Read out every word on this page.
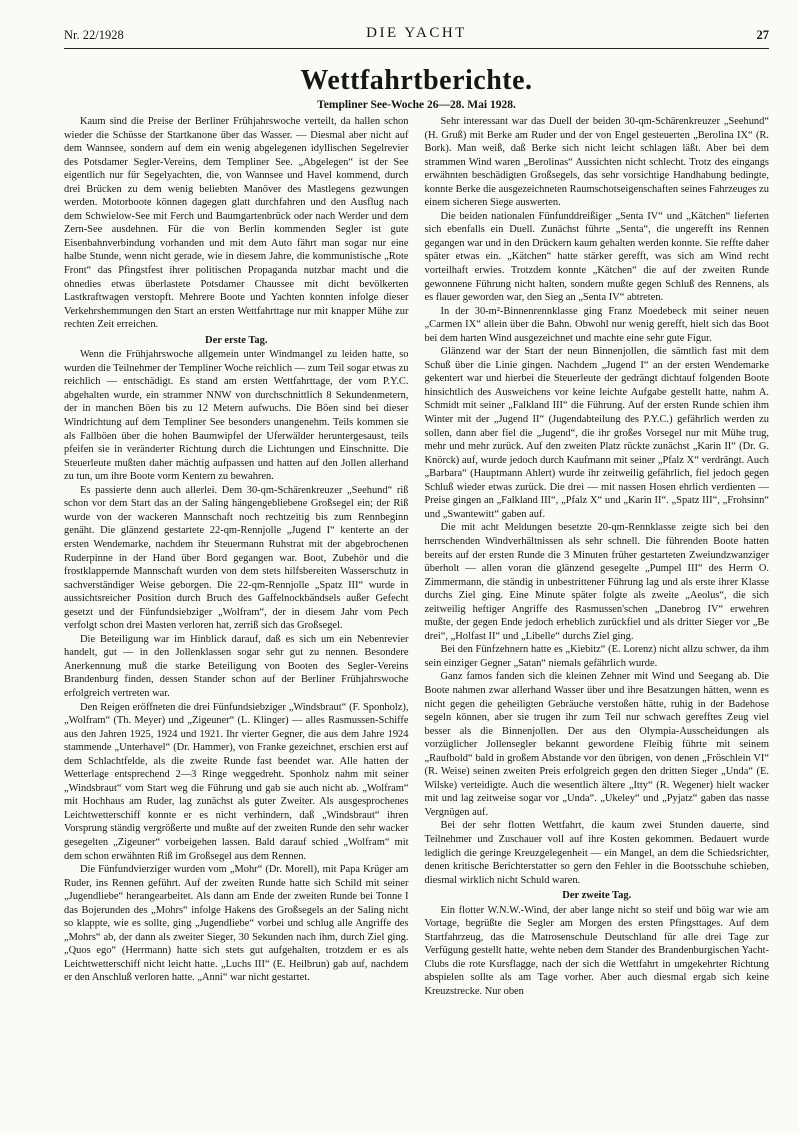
Nr. 22/1928	DIE YACHT	27
Wettfahrtberichte.
Templiner See-Woche 26—28. Mai 1928.

Kaum sind die Preise der Berliner Frühjahrswoche verteilt, da hallen schon wieder die Schüsse der Startkanone über das Wasser. — Diesmal aber nicht auf dem Wannsee, sondern auf dem ein wenig abgelegenen idyllischen Segelrevier des Potsdamer Segler-Vereins, dem Templiner See. „Abgelegen“ ist der See eigentlich nur für Segelyachten, die, von Wannsee und Havel kommend, durch drei Brücken zu dem wenig beliebten Manöver des Mastlegens gezwungen werden. Motorboote können dagegen glatt durchfahren und den Ausflug nach dem Schwielow-See mit Ferch und Baumgartenbrück oder nach Werder und dem Zern-See ausdehnen. Für die von Berlin kommenden Segler ist gute Eisenbahnverbindung vorhanden und mit dem Auto fährt man sogar nur eine halbe Stunde, wenn nicht gerade, wie in diesem Jahre, die kommunistische „Rote Front“ das Pfingstfest ihrer politischen Propaganda nutzbar macht und die ohnedies etwas überlastete Potsdamer Chaussee mit dicht bevölkerten Lastkraftwagen verstopft. Mehrere Boote und Yachten konnten infolge dieser Verkehrshemmungen den Start an ersten Wettfahrttage nur mit knapper Mühe zur rechten Zeit erreichen.

Der erste Tag.

Wenn die Frühjahrswoche allgemein unter Windmangel zu leiden hatte, so wurden die Teilnehmer der Templiner Woche reichlich — zum Teil sogar etwas zu reichlich — entschädigt. Es stand am ersten Wettfahrttage, der vom P.Y.C. abgehalten wurde, ein strammer NNW von durchschnittlich 8 Sekundenmetern, der in manchen Böen bis zu 12 Metern aufwuchs. Die Böen sind bei dieser Windrichtung auf dem Templiner See besonders unangenehm. Teils kommen sie als Fallböen über die hohen Baumwipfel der Uferwälder heruntergesaust, teils pfeifen sie in veränderter Richtung durch die Lichtungen und Einschnitte. Die Steuerleute mußten daher mächtig aufpassen und hatten auf den Jollen allerhand zu tun, um ihre Boote vorm Kentern zu bewahren.

Es passierte denn auch allerlei. Dem 30-qm-Schärenkreuzer „Seehund“ riß schon vor dem Start das an der Saling hängengebliebene Großsegel ein; der Riß wurde von der wackeren Mannschaft noch rechtzeitig bis zum Rennbeginn genäht. Die glänzend gestartete 22-qm-Rennjolle „Jugend I“ kenterte an der ersten Wendemarke, nachdem ihr Steuermann Ruhstrat mit der abgebrochenen Ruderpinne in der Hand über Bord gegangen war. Boot, Zubehör und die frostklappernde Mannschaft wurden von dem stets hilfsbereiten Wasserschutz in sachverständiger Weise geborgen. Die 22-qm-Rennjolle „Spatz III“ wurde in aussichtsreicher Position durch Bruch des Gaffelnockbändsels außer Gefecht gesetzt und der Fünfundsiebziger „Wolfram“, der in diesem Jahr vom Pech verfolgt schon drei Masten verloren hat, zerriß sich das Großsegel.

Die Beteiligung war im Hinblick darauf, daß es sich um ein Nebenrevier handelt, gut — in den Jollenklassen sogar sehr gut zu nennen. Besondere Anerkennung muß die starke Beteiligung von Booten des Segler-Vereins Brandenburg finden, dessen Stander schon auf der Berliner Frühjahrswoche erfolgreich vertreten war.

Den Reigen eröffneten die drei Fünfundsiebziger „Windsbraut“ (F. Sponholz), „Wolfram“ (Th. Meyer) und „Zigeuner“ (L. Klinger) — alles Rasmussen-Schiffe aus den Jahren 1925, 1924 und 1921. Ihr vierter Gegner, die aus dem Jahre 1924 stammende „Unterhavel“ (Dr. Hammer), von Franke gezeichnet, erschien erst auf dem Schlachtfelde, als die zweite Runde fast beendet war. Alle hatten der Wetterlage entsprechend 2—3 Ringe weggedreht. Sponholz nahm mit seiner „Windsbraut“ vom Start weg die Führung und gab sie auch nicht ab. „Wolfram“ mit Hochhaus am Ruder, lag zunächst als guter Zweiter. Als ausgesprochenes Leichtwetterschiff konnte er es nicht verhindern, daß „Windsbraut“ ihren Vorsprung ständig vergrößerte und mußte auf der zweiten Runde den sehr wacker gesegelten „Zigeuner“ vorbeigehen lassen. Bald darauf schied „Wolfram“ mit dem schon erwähnten Riß im Großsegel aus dem Rennen.

Die Fünfundvierziger wurden vom „Mohr“ (Dr. Morell), mit Papa Krüger am Ruder, ins Rennen geführt. Auf der zweiten Runde hatte sich Schild mit seiner „Jugendliebe“ herangearbeitet. Als dann am Ende der zweiten Runde bei Tonne I das Bojerunden des „Mohrs“ infolge Hakens des Großsegels an der Saling nicht so klappte, wie es sollte, ging „Jugendliebe“ vorbei und schlug alle Angriffe des „Mohrs“ ab, der dann als zweiter Sieger, 30 Sekunden nach ihm, durch Ziel ging. „Quos ego“ (Herrmann) hatte sich stets gut aufgehalten, trotzdem er es als Leichtwetterschiff nicht leicht hatte. „Luchs III“ (E. Heilbrun) gab auf, nachdem er den Anschluß verloren hatte. „Anni“ war nicht gestartet.

Sehr interessant war das Duell der beiden 30-qm-Schärenkreuzer „Seehund“ (H. Gruß) mit Berke am Ruder und der von Engel gesteuerten „Berolina IX“ (R. Bork). Man weiß, daß Berke sich nicht leicht schlagen läßt. Aber bei dem strammen Wind waren „Berolinas“ Aussichten nicht schlecht. Trotz des eingangs erwähnten beschädigten Großsegels, das sehr vorsichtige Handhabung bedingte, konnte Berke die ausgezeichneten Raumschotseigenschaften seines Fahrzeuges zu einem sicheren Siege auswerten.

Die beiden nationalen Fünfunddreißiger „Senta IV“ und „Kätchen“ lieferten sich ebenfalls ein Duell. Zunächst führte „Senta“, die ungerefft ins Rennen gegangen war und in den Drückern kaum gehalten werden konnte. Sie reffte daher später etwas ein. „Kätchen“ hatte stärker gerefft, was sich am Wind recht vorteilhaft erwies. Trotzdem konnte „Kätchen“ die auf der zweiten Runde gewonnene Führung nicht halten, sondern mußte gegen Schluß des Rennens, als es flauer geworden war, den Sieg an „Senta IV“ abtreten.

In der 30-m²-Binnenrennklasse ging Franz Moedebeck mit seiner neuen „Carmen IX“ allein über die Bahn. Obwohl nur wenig gerefft, hielt sich das Boot bei dem harten Wind ausgezeichnet und machte eine sehr gute Figur.

Glänzend war der Start der neun Binnenjollen, die sämtlich fast mit dem Schuß über die Linie gingen. Nachdem „Jugend I“ an der ersten Wendemarke gekentert war und hierbei die Steuerleute der gedrängt dichtauf folgenden Boote hinsichtlich des Ausweichens vor keine leichte Aufgabe gestellt hatte, nahm A. Schmidt mit seiner „Falkland III“ die Führung. Auf der ersten Runde schien ihm Winter mit der „Jugend II“ (Jugendabteilung des P.Y.C.) gefährlich werden zu sollen, dann aber fiel die „Jugend“, die ihr großes Vorsegel nur mit Mühe trug, mehr und mehr zurück. Auf den zweiten Platz rückte zunächst „Karin II“ (Dr. G. Knörck) auf, wurde jedoch durch Kaufmann mit seiner „Pfalz X“ verdrängt. Auch „Barbara“ (Hauptmann Ahlert) wurde ihr zeitweilig gefährlich, fiel jedoch gegen Schluß wieder etwas zurück. Die drei — mit nassen Hosen ehrlich verdienten — Preise gingen an „Falkland III“, „Pfalz X“ und „Karin II“. „Spatz III“, „Frohsinn“ und „Swantewitt“ gaben auf.

Die mit acht Meldungen besetzte 20-qm-Rennklasse zeigte sich bei den herrschenden Windverhältnissen als sehr schnell. Die führenden Boote hatten bereits auf der ersten Runde die 3 Minuten früher gestarteten Zweiundzwanziger überholt — allen voran die glänzend gesegelte „Pumpel III“ des Herrn O. Zimmermann, die ständig in unbestrittener Führung lag und als erste ihrer Klasse durchs Ziel ging. Eine Minute später folgte als zweite „Aeolus“, die sich zeitweilig heftiger Angriffe des Rasmussen'schen „Danebrog IV“ erwehren mußte, der gegen Ende jedoch erheblich zurückfiel und als dritter Sieger vor „Be drei“, „Holfast II“ und „Libelle“ durchs Ziel ging.

Bei den Fünfzehnern hatte es „Kiebitz“ (E. Lorenz) nicht allzu schwer, da ihm sein einziger Gegner „Satan“ niemals gefährlich wurde.

Ganz famos fanden sich die kleinen Zehner mit Wind und Seegang ab. Die Boote nahmen zwar allerhand Wasser über und ihre Besatzungen hätten, wenn es nicht gegen die geheiligten Gebräuche verstoßen hätte, ruhig in der Badehose segeln können, aber sie trugen ihr zum Teil nur schwach gerefftes Zeug viel besser als die Binnenjollen. Der aus den Olympia-Ausscheidungen als vorzüglicher Jollensegler bekannt gewordene Fleibig führte mit seinem „Raufbold“ bald in großem Abstande vor den übrigen, von denen „Fröschlein VI“ (R. Weise) seinen zweiten Preis erfolgreich gegen den dritten Sieger „Unda“ (E. Wilske) verteidigte. Auch die wesentlich ältere „Itty“ (R. Wegener) hielt wacker mit und lag zeitweise sogar vor „Unda“. „Ukeley“ und „Pyjatz“ gaben das nasse Vergnügen auf.

Bei der sehr flotten Wettfahrt, die kaum zwei Stunden dauerte, sind Teilnehmer und Zuschauer voll auf ihre Kosten gekommen. Bedauert wurde lediglich die geringe Kreuzgelegenheit — ein Mangel, an dem die Schiedsrichter, denen kritische Berichterstatter so gern den Fehler in die Bootsschuhe schieben, diesmal wirklich nicht Schuld waren.

Der zweite Tag.

Ein flotter W.N.W.-Wind, der aber lange nicht so steif und böig war wie am Vortage, begrüßte die Segler am Morgen des ersten Pfingsttages. Auf dem Startfahrzeug, das die Matrosenschule Deutschland für alle drei Tage zur Verfügung gestellt hatte, wehte neben dem Stander des Brandenburgischen Yacht-Clubs die rote Kursflagge, nach der sich die Wettfahrt in umgekehrter Richtung abspielen sollte als am Tage vorher. Aber auch diesmal ergab sich keine Kreuzstrecke. Nur oben
